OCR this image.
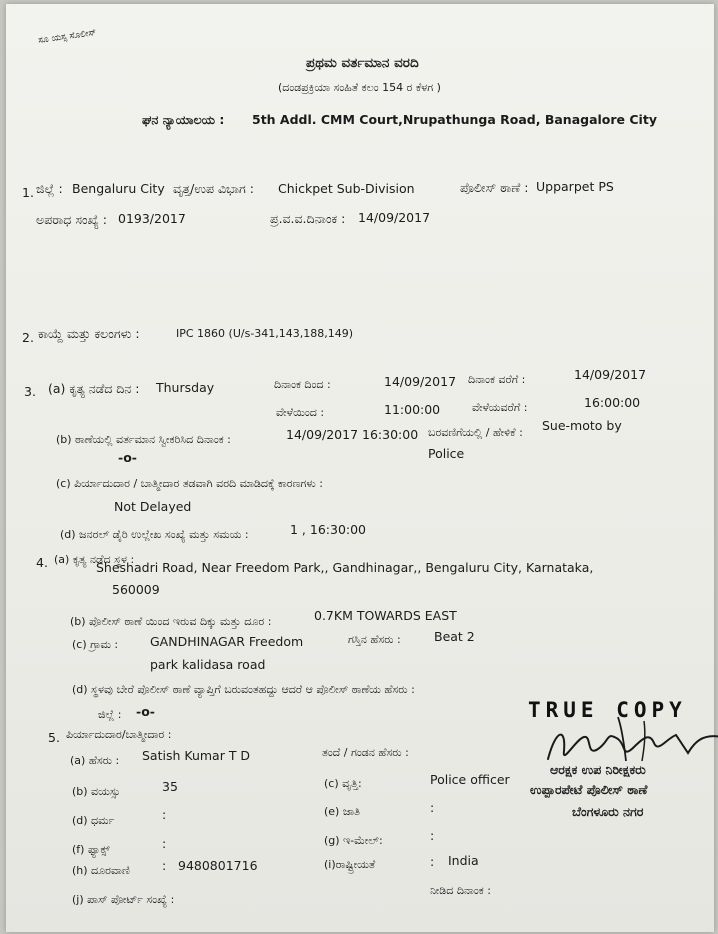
ಸೂ ಯಸ್ಸ ಸೊಲೀಸ್
ಪ್ರಥಮ ವರ್ತಮಾನ ವರದಿ
(ದಂಡಪ್ರಕ್ರಿಯಾ ಸಂಹಿತೆ ಕಲಂ 154 ರ ಕೆಳಗ )
ಘನ ನ್ಯಾಯಾಲಯ : 5th Addl. CMM Court,Nrupathunga Road, Banagalore City
1. ಜಿಲ್ಲೆ : Bengaluru City ವೃತ್ತ/ಉಪ ವಿಭಾಗ : Chickpet Sub-Division	ಪೊಲೀಸ್ ಠಾಣೆ : Upparpet PS
ಅಪರಾಧ ಸಂಖ್ಯೆ : 0193/2017	ಪ್ರ.ವ.ವ.ದಿನಾಂಕ : 14/09/2017
2. ಕಾಯ್ದೆ ಮತ್ತು ಕಲಂಗಳು :	IPC 1860 (U/s-341,143,188,149)
3. (a) ಕೃತ್ಯ ನಡೆದ ದಿನ : Thursday	ದಿನಾಂಕ ದಿಂದ :	14/09/2017 ದಿನಾಂಕ ವರೆಗೆ :	14/09/2017
ವೇಳೆಯಿಂದ :	11:00:00	ವೇಳೆಯವರೆಗೆ :	16:00:00
(b) ಠಾಣೆಯಲ್ಲಿ ವರ್ತಮಾನ ಸ್ವೀಕರಿಸಿದ ದಿನಾಂಕ :	14/09/2017 16:30:00 ಬರವಣಿಗೆಯಲ್ಲಿ / ಹೇಳಿಕೆ : Sue-moto by
Police
-o-
(c) ಪಿರ್ಯಾದುದಾರ / ಬಾತ್ಮೀದಾರ ತಡವಾಗಿ ವರದಿ ಮಾಡಿದಕ್ಕೆ ಕಾರಣಗಳು :
Not Delayed
(d) ಜನರಲ್ ಡೈರಿ ಉಲ್ಲೇಖ ಸಂಖ್ಯೆ ಮತ್ತು ಸಮಯ :	1 , 16:30:00
4. (a) ಕೃತ್ಯ ನಡೆದ ಸ್ಥಳ :
Sheshadri Road, Near Freedom Park,, Gandhinagar,, Bengaluru City, Karnataka,
560009
(b) ಪೊಲೀಸ್ ಠಾಣೆ ಯಿಂದ ಇರುವ ದಿಕ್ಕು ಮತ್ತು ದೂರ :	0.7KM TOWARDS EAST
(c) ಗ್ರಾಮ :	GANDHINAGAR Freedom
park kalidasa road
ಗಸ್ತಿನ ಹೆಸರು :	Beat 2
(d) ಸ್ಥಳವು ಬೇರೆ ಪೊಲೀಸ್ ಠಾಣೆ ವ್ಯಾಪ್ತಿಗೆ ಬರುವಂತಹದ್ದು ಆದರೆ ಆ ಪೊಲೀಸ್ ಠಾಣೆಯ ಹೆಸರು :
ಜಿಲ್ಲೆ : -o-
5. ಪಿರ್ಯಾದುದಾರ/ಬಾತ್ಮೀದಾರ :
(a) ಹೆಸರು : Satish Kumar T D	ತಂದೆ / ಗಂಡನ ಹೆಸರು :
(b) ವಯಸ್ಸು	35	(c) ವೃತ್ತಿ:	Police officer
(d) ಧರ್ಮ	:	(e) ಜಾತಿ	:
(f) ಫ್ಯಾಕ್ಸ್	:	(g) ಇ-ಮೇಲ್:	:
(h) ದೂರವಾಣಿ	: 9480801716	(i)ರಾಷ್ಟ್ರೀಯತೆ	: India
(j) ಪಾಸ್ ಪೋರ್ಟ್ ಸಂಖ್ಯೆ :
ನೀಡಿದ ದಿನಾಂಕ :
TRUE COPY
ಆರಕ್ಷಕ ಉಪ ನಿರೀಕ್ಷಕರು
ಉಪ್ಪಾರಪೇಟೆ ಪೊಲೀಸ್ ಠಾಣೆ
ಬೆಂಗಳೂರು ನಗರ
